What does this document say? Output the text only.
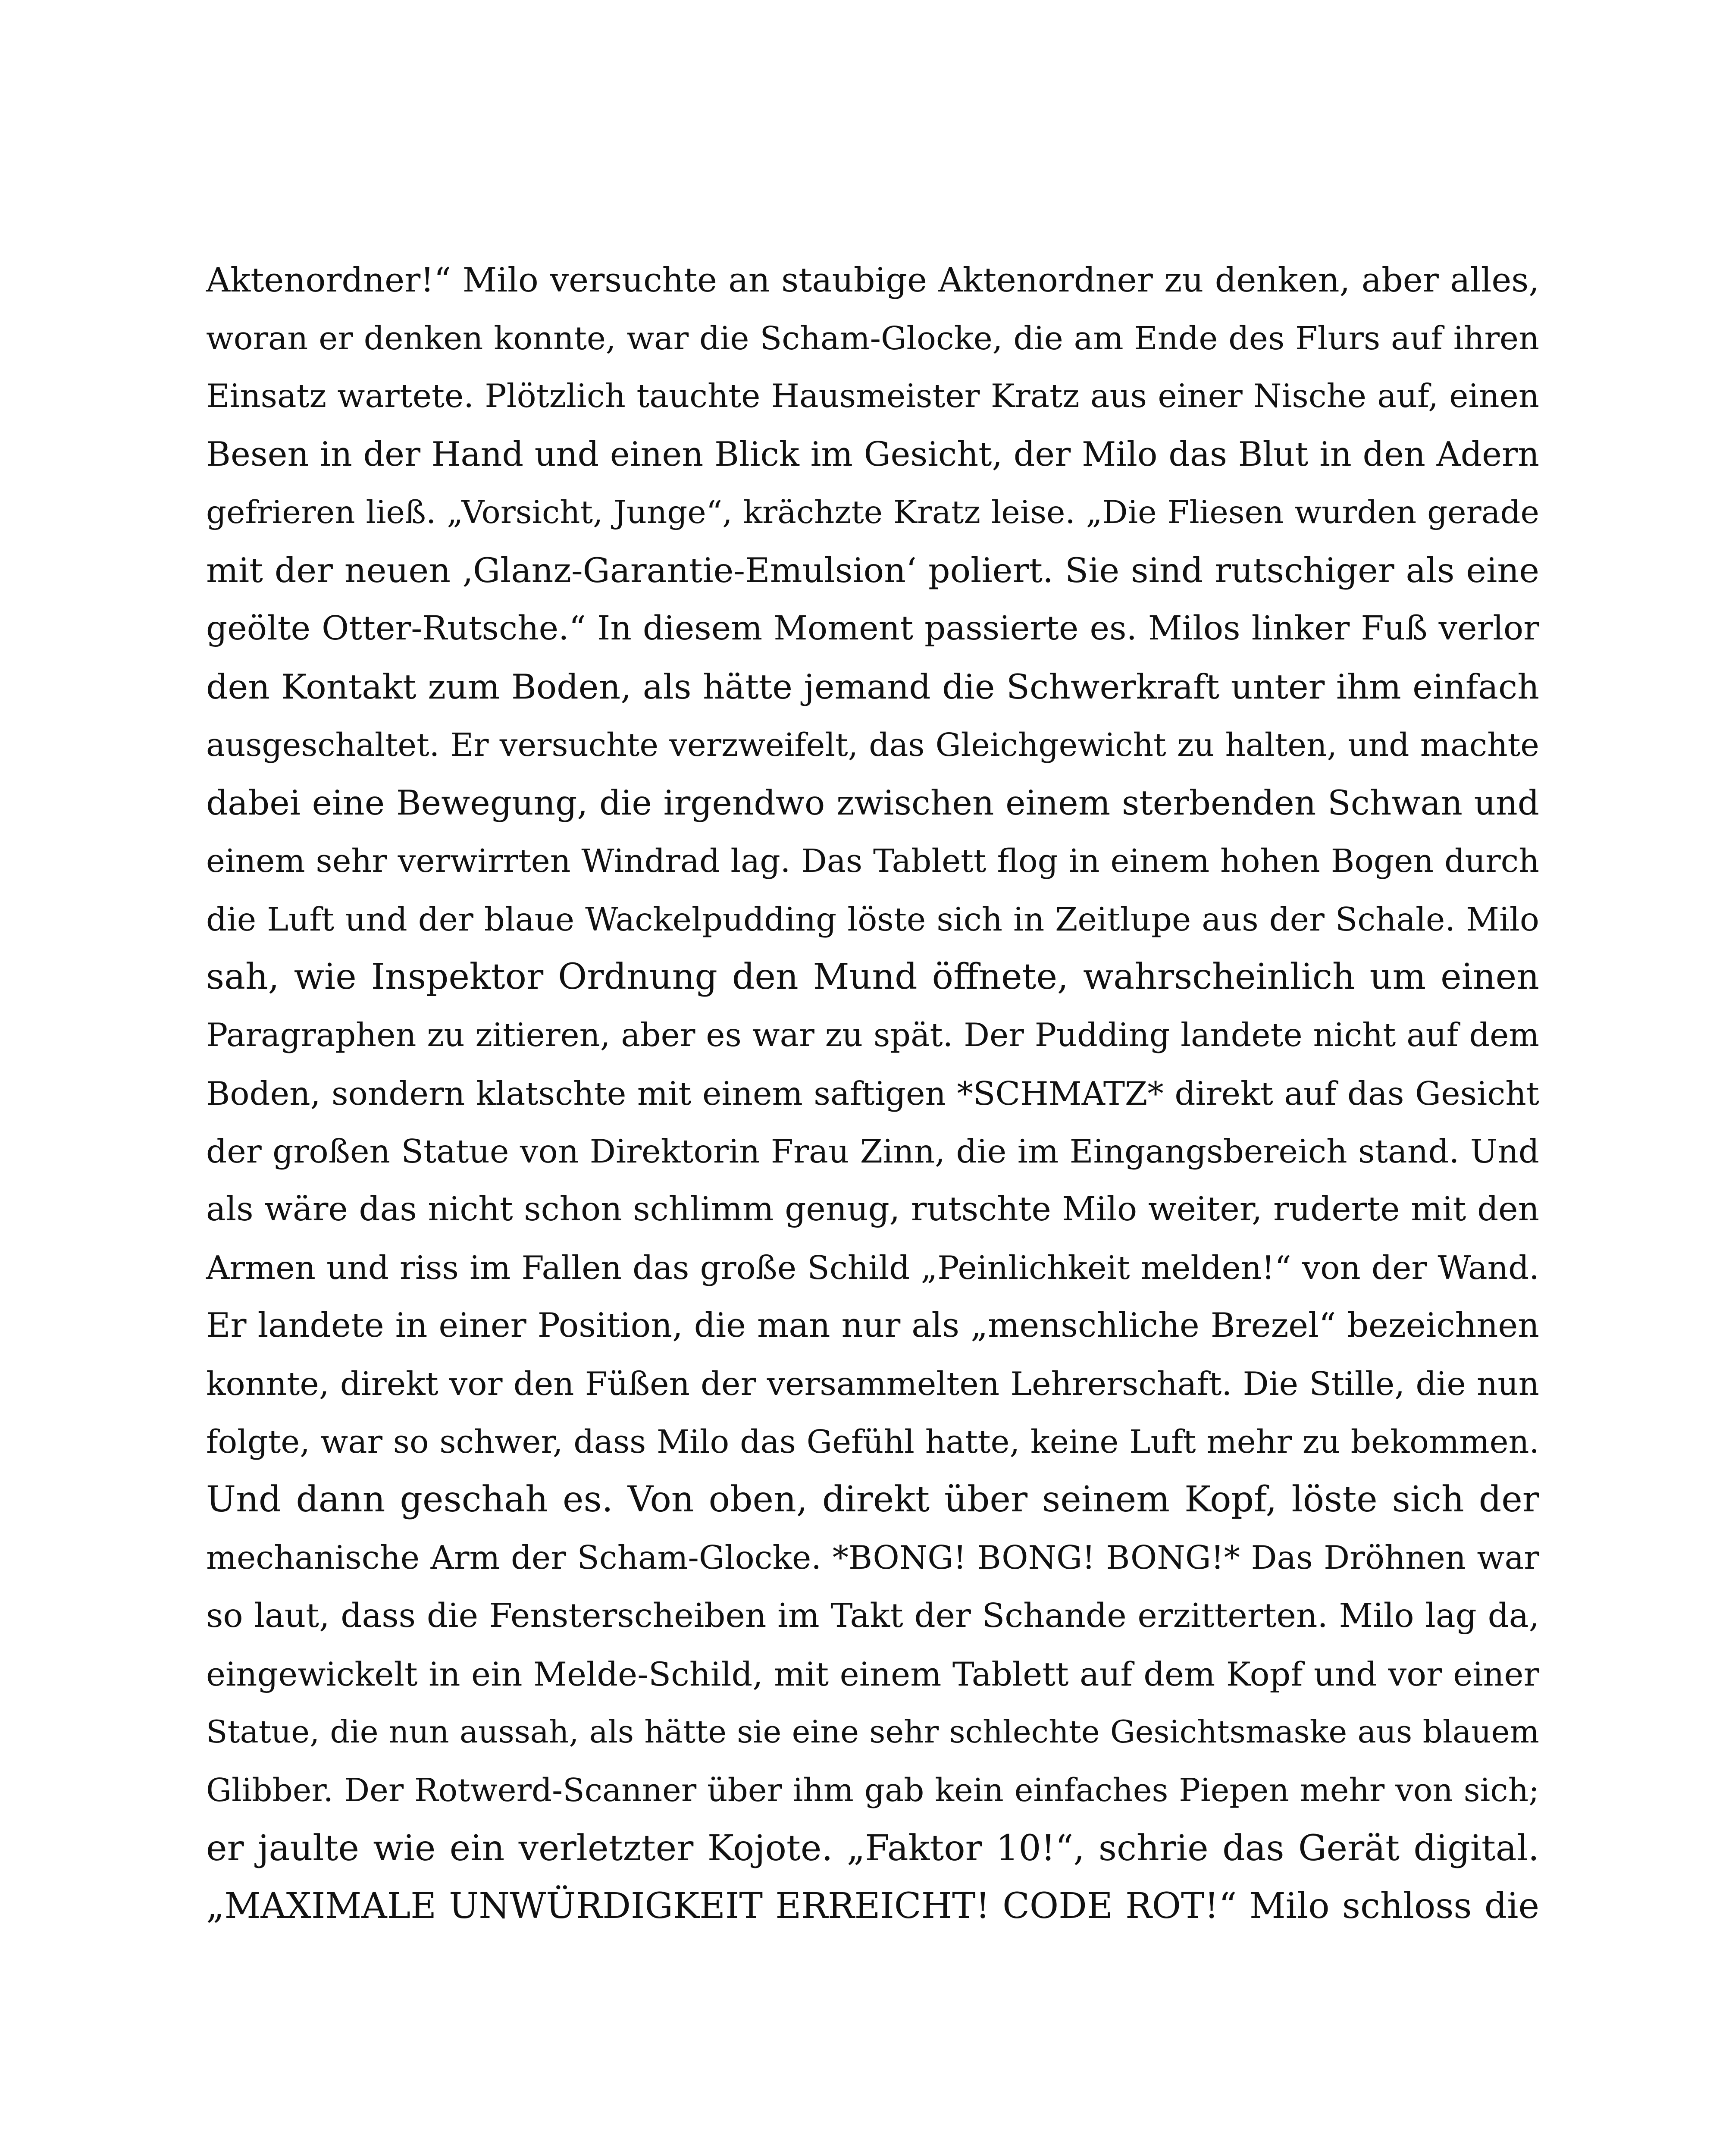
Aktenordner!“ Milo versuchte an staubige Aktenordner zu denken, aber alles,
woran er denken konnte, war die Scham-Glocke, die am Ende des Flurs auf ihren
Einsatz wartete. Plötzlich tauchte Hausmeister Kratz aus einer Nische auf, einen
Besen in der Hand und einen Blick im Gesicht, der Milo das Blut in den Adern
gefrieren ließ. „Vorsicht, Junge“, krächzte Kratz leise. „Die Fliesen wurden gerade
mit der neuen ‚Glanz-Garantie-Emulsion‘ poliert. Sie sind rutschiger als eine
geölte Otter-Rutsche.“ In diesem Moment passierte es. Milos linker Fuß verlor
den Kontakt zum Boden, als hätte jemand die Schwerkraft unter ihm einfach
ausgeschaltet. Er versuchte verzweifelt, das Gleichgewicht zu halten, und machte
dabei eine Bewegung, die irgendwo zwischen einem sterbenden Schwan und
einem sehr verwirrten Windrad lag. Das Tablett flog in einem hohen Bogen durch
die Luft und der blaue Wackelpudding löste sich in Zeitlupe aus der Schale. Milo
sah, wie Inspektor Ordnung den Mund öffnete, wahrscheinlich um einen
Paragraphen zu zitieren, aber es war zu spät. Der Pudding landete nicht auf dem
Boden, sondern klatschte mit einem saftigen *SCHMATZ* direkt auf das Gesicht
der großen Statue von Direktorin Frau Zinn, die im Eingangsbereich stand. Und
als wäre das nicht schon schlimm genug, rutschte Milo weiter, ruderte mit den
Armen und riss im Fallen das große Schild „Peinlichkeit melden!“ von der Wand.
Er landete in einer Position, die man nur als „menschliche Brezel“ bezeichnen
konnte, direkt vor den Füßen der versammelten Lehrerschaft. Die Stille, die nun
folgte, war so schwer, dass Milo das Gefühl hatte, keine Luft mehr zu bekommen.
Und dann geschah es. Von oben, direkt über seinem Kopf, löste sich der
mechanische Arm der Scham-Glocke. *BONG! BONG! BONG!* Das Dröhnen war
so laut, dass die Fensterscheiben im Takt der Schande erzitterten. Milo lag da,
eingewickelt in ein Melde-Schild, mit einem Tablett auf dem Kopf und vor einer
Statue, die nun aussah, als hätte sie eine sehr schlechte Gesichtsmaske aus blauem
Glibber. Der Rotwerd-Scanner über ihm gab kein einfaches Piepen mehr von sich;
er jaulte wie ein verletzter Kojote. „Faktor 10!“, schrie das Gerät digital.
„MAXIMALE UNWÜRDIGKEIT ERREICHT! CODE ROT!“ Milo schloss die
